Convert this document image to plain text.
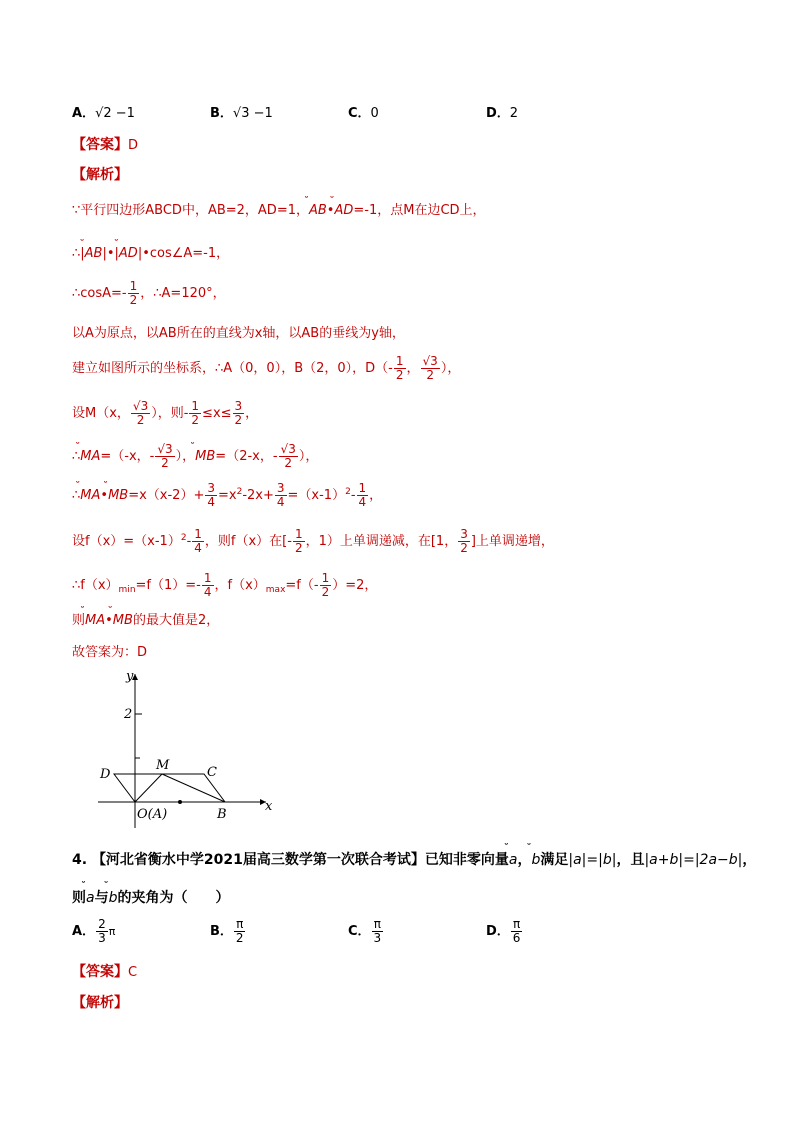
A．√2 −1	B．√3 −1	C．0	D．2
【答案】D
【解析】
∵平行四边形ABCD中，AB=2，AD=1，̆̆ AB•̆̆ AD=-1，点M在边CD上，
∴|̆̆ AB|•|̆̆ AD|•cos∠A=-1，
∴cosA=- $\frac{1}{2}$ ，∴A=120°，
以A为原点，以AB所在的直线为x轴，以AB的垂线为y轴，
建立如图所示的坐标系，∴A（0，0），B（2，0），$D(- \frac{1}{2}$ ， $\frac{√3}{2}$ ），
设M（x， $\frac{√3}{2}$ ），则- $\frac{1}{2} \le x\le \frac{3}{2}$ ，
∴̆̆ MA=（-x，- $\frac{√3}{2}$ ），̆̆ MB=（2-x，- $\frac{√3}{2}$ ），
∴̆̆ MA•̆̆ $MB=x(x-2)+ \frac{3}{4} =x^2-2x+ \frac{3}{4} =(x-1)^2- \frac{1}{4}$ ，
设$f(x)=(x-1)^2- \frac{1}{4}$ ，则f（x）在[- $\frac{1}{2}$ ，1）上单调递减，在[1， $\frac{3}{2}$ ]上单调递增，
$\therefore f(x)_{min}=f(1)=- \frac{1}{4}$ ，$f(x)_{max}=f(- \frac{1}{2} )=2$，
则̆̆ MA•̆̆ MB的最大值是2，
故答案为：D
y
x
2
D
M	C
O(A)	B
4. 【河北省衡水中学2021届高三数学第一次联合考试】已知非零向量̆̆ a，̆̆ b满足|a|=|b|，且|a+b|=|2a−b|，
则̆̆ a与̆̆ b的夹角为（　　）
A． $\frac{2}{3}$ π	B． $\frac{\pi}{2}$	C． $\frac{\pi}{3}$	D． $\frac{\pi}{6}$
【答案】C
【解析】
